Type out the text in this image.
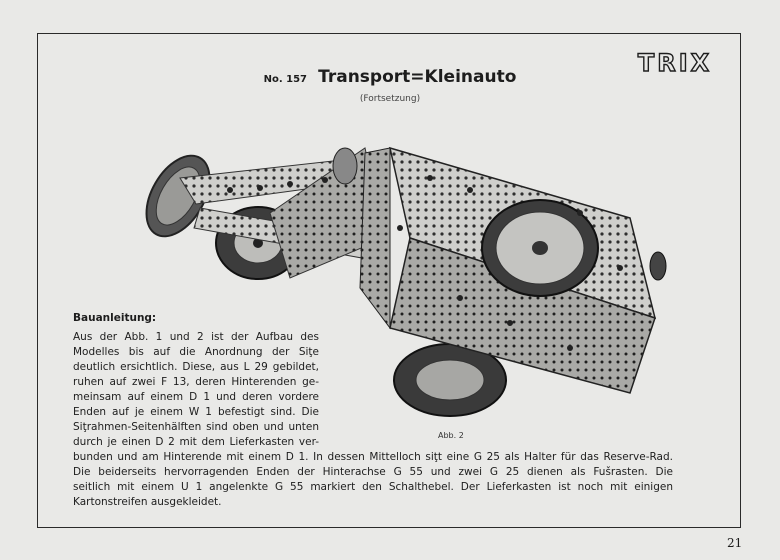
TRIX
No. 157 Transport=Kleinauto
(Fortsetzung)
Abb. 2
Bauanleitung:
Aus der Abb. 1 und 2 ist der Aufbau des
Modelles bis auf die Anordnung der Siţe
deutlich ersichtlich. Diese, aus L 29 gebildet,
ruhen auf zwei F 13, deren Hinterenden ge-
meinsam auf einem D 1 und deren vordere
Enden auf je einem W 1 befestigt sind. Die
Siţrahmen-Seitenhälften sind oben und unten
durch je einen D 2 mit dem Lieferkasten ver-
bunden und am Hinterende mit einem D 1. In dessen Mittelloch siţt eine G 25 als Halter für das Reserve-Rad.
Die beiderseits hervorragenden Enden der Hinterachse G 55 und zwei G 25 dienen als Fušrasten. Die
seitlich mit einem U 1 angelenkte G 55 markiert den Schalthebel. Der Lieferkasten ist noch mit einigen
Kartonstreifen ausgekleidet.
21
